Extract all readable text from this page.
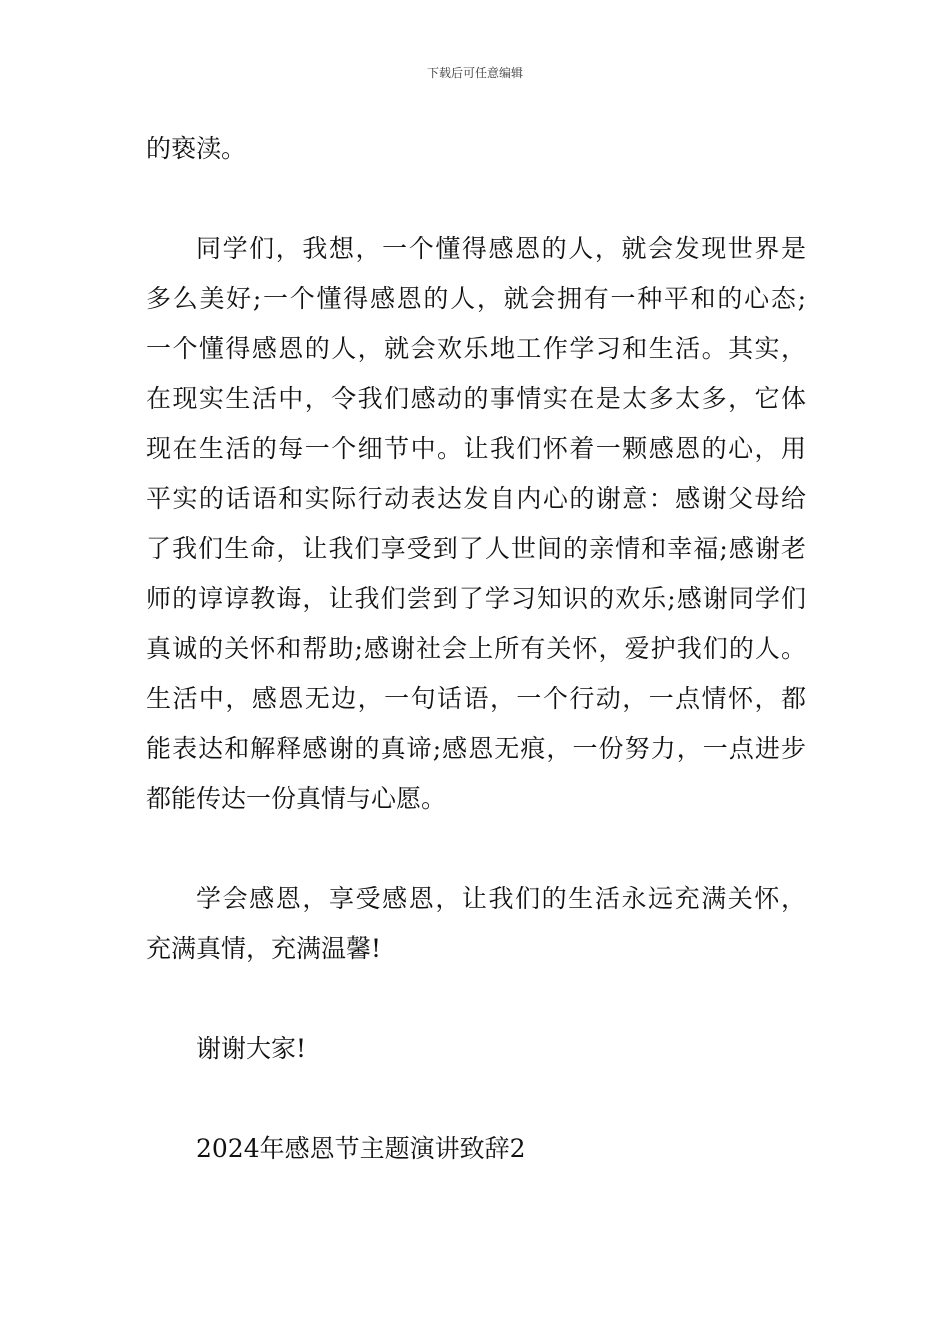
下载后可任意编辑
的亵渎。
同学们，我想，一个懂得感恩的人，就会发现世界是
多么美好;一个懂得感恩的人，就会拥有一种平和的心态;
一个懂得感恩的人，就会欢乐地工作学习和生活。其实，
在现实生活中，令我们感动的事情实在是太多太多，它体
现在生活的每一个细节中。让我们怀着一颗感恩的心，用
平实的话语和实际行动表达发自内心的谢意：感谢父母给
了我们生命，让我们享受到了人世间的亲情和幸福;感谢老
师的谆谆教诲，让我们尝到了学习知识的欢乐;感谢同学们
真诚的关怀和帮助;感谢社会上所有关怀，爱护我们的人。
生活中，感恩无边，一句话语，一个行动，一点情怀，都
能表达和解释感谢的真谛;感恩无痕，一份努力，一点进步
都能传达一份真情与心愿。
学会感恩，享受感恩，让我们的生活永远充满关怀，
充满真情，充满温馨!
谢谢大家!
2024年感恩节主题演讲致辞2
